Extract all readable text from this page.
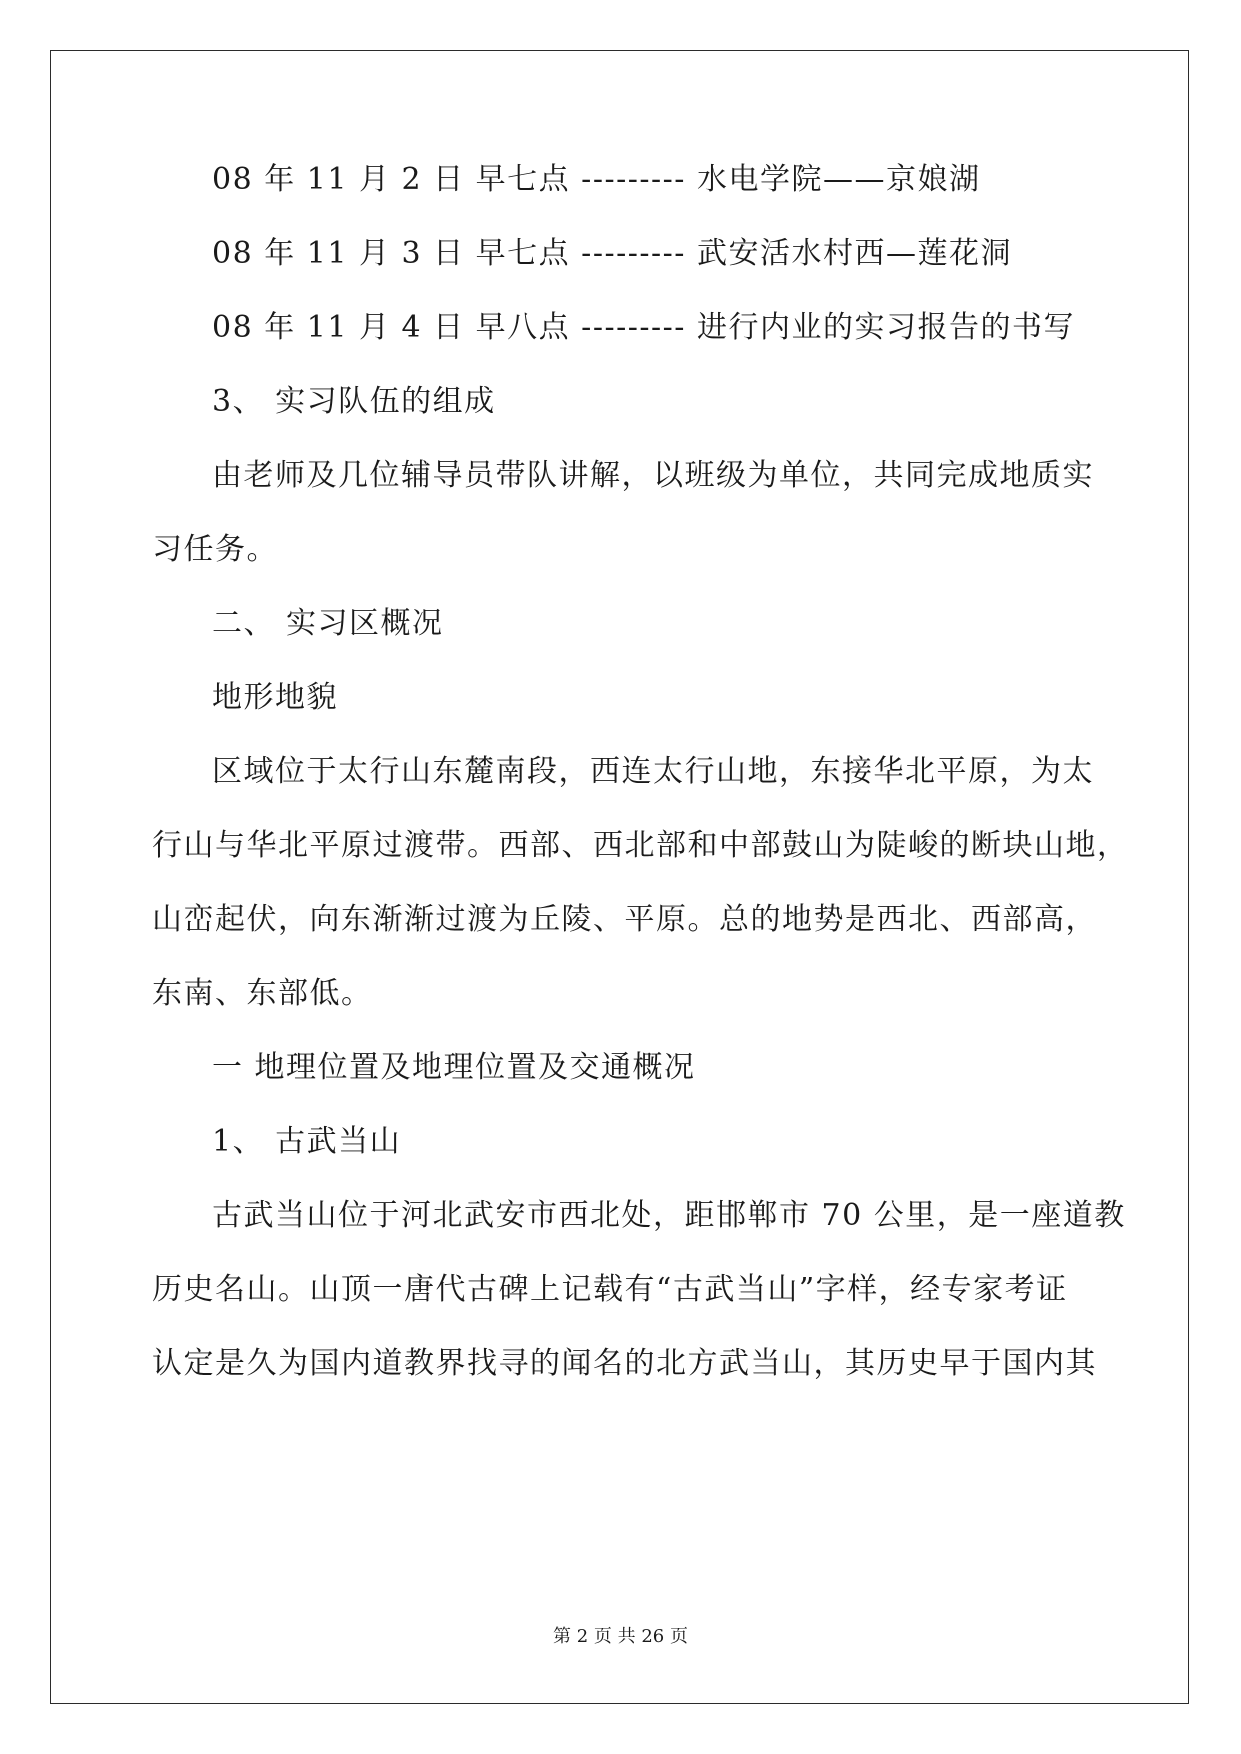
08 年 11 月 2 日 早七点 --------- 水电学院——京娘湖
08 年 11 月 3 日 早七点 --------- 武安活水村西—莲花洞
08 年 11 月 4 日 早八点 --------- 进行内业的实习报告的书写
3、 实习队伍的组成
由老师及几位辅导员带队讲解，以班级为单位，共同完成地质实
习任务。
二、 实习区概况
地形地貌
区域位于太行山东麓南段，西连太行山地，东接华北平原，为太
行山与华北平原过渡带。西部、西北部和中部鼓山为陡峻的断块山地，
山峦起伏，向东渐渐过渡为丘陵、平原。总的地势是西北、西部高，
东南、东部低。
一 地理位置及地理位置及交通概况
1、 古武当山
古武当山位于河北武安市西北处，距邯郸市 70 公里，是一座道教
历史名山。山顶一唐代古碑上记载有“古武当山”字样，经专家考证
认定是久为国内道教界找寻的闻名的北方武当山，其历史早于国内其
第 2 页 共 26 页
